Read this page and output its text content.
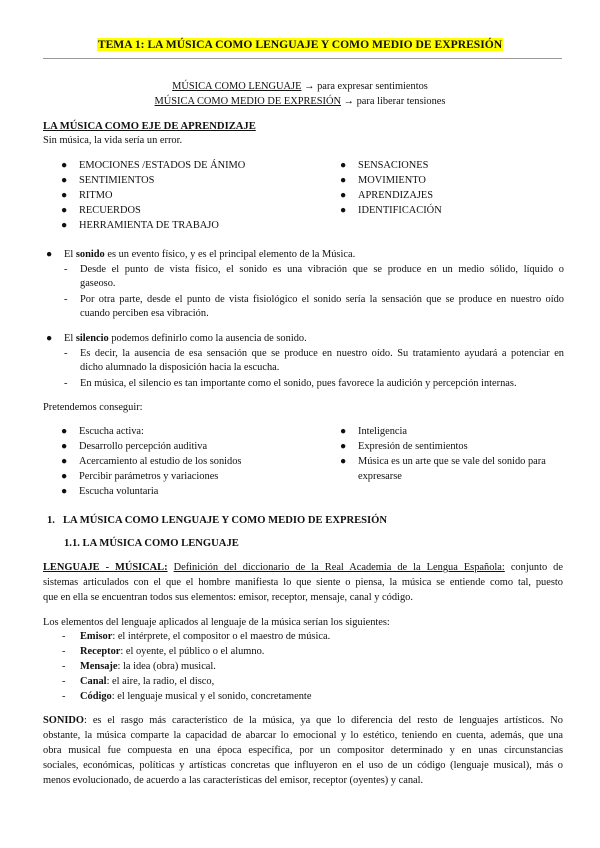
TEMA 1: LA MÚSICA COMO LENGUAJE Y COMO MEDIO DE EXPRESIÓN
MÚSICA COMO LENGUAJE → para expresar sentimientos
MÚSICA COMO MEDIO DE EXPRESIÓN → para liberar tensiones
LA MÚSICA COMO EJE DE APRENDIZAJE
Sin música, la vida sería un error.
● EMOCIONES /ESTADOS DE ÁNIMO
● SENTIMIENTOS
● RITMO
● RECUERDOS
● HERRAMIENTA DE TRABAJO
● SENSACIONES
● MOVIMIENTO
● APRENDIZAJES
● IDENTIFICACIÓN
● El sonido es un evento físico, y es el principal elemento de la Música.
- Desde el punto de vista físico, el sonido es una vibración que se produce en un medio sólido, líquido o
gaseoso.
- Por otra parte, desde el punto de vista fisiológico el sonido sería la sensación que se produce en nuestro oído
cuando perciben esa vibración.
● El silencio podemos definirlo como la ausencia de sonido.
- Es decir, la ausencia de esa sensación que se produce en nuestro oído. Su tratamiento ayudará a potenciar en
dicho alumnado la disposición hacia la escucha.
- En música, el silencio es tan importante como el sonido, pues favorece la audición y percepción internas.
Pretendemos conseguir:
● Escucha activa:
● Desarrollo percepción auditiva
● Acercamiento al estudio de los sonidos
● Percibir parámetros y variaciones
● Escucha voluntaria
● Inteligencia
● Expresión de sentimientos
● Música es un arte que se vale del sonido para
expresarse
1. LA MÚSICA COMO LENGUAJE Y COMO MEDIO DE EXPRESIÓN
1.1. LA MÚSICA COMO LENGUAJE
LENGUAJE - MÚSICAL: Definición del diccionario de la Real Academia de la Lengua Española: conjunto de
sistemas articulados con el que el hombre manifiesta lo que siente o piensa, la música se entiende como tal, puesto
que en ella se encuentran todos sus elementos: emisor, receptor, mensaje, canal y código.
Los elementos del lenguaje aplicados al lenguaje de la música serían los siguientes:
- Emisor: el intérprete, el compositor o el maestro de música.
- Receptor: el oyente, el público o el alumno.
- Mensaje: la idea (obra) musical.
- Canal: el aire, la radio, el disco,
- Código: el lenguaje musical y el sonido, concretamente
SONIDO: es el rasgo más característico de la música, ya que lo diferencia del resto de lenguajes artísticos. No
obstante, la música comparte la capacidad de abarcar lo emocional y lo estético, teniendo en cuenta, además, que una
obra musical fue compuesta en una época específica, por un compositor determinado y en unas circunstancias
sociales, económicas, políticas y artísticas concretas que influyeron en el uso de un código (lenguaje musical), más o
menos evolucionado, de acuerdo a las características del emisor, receptor (oyentes) y canal.
